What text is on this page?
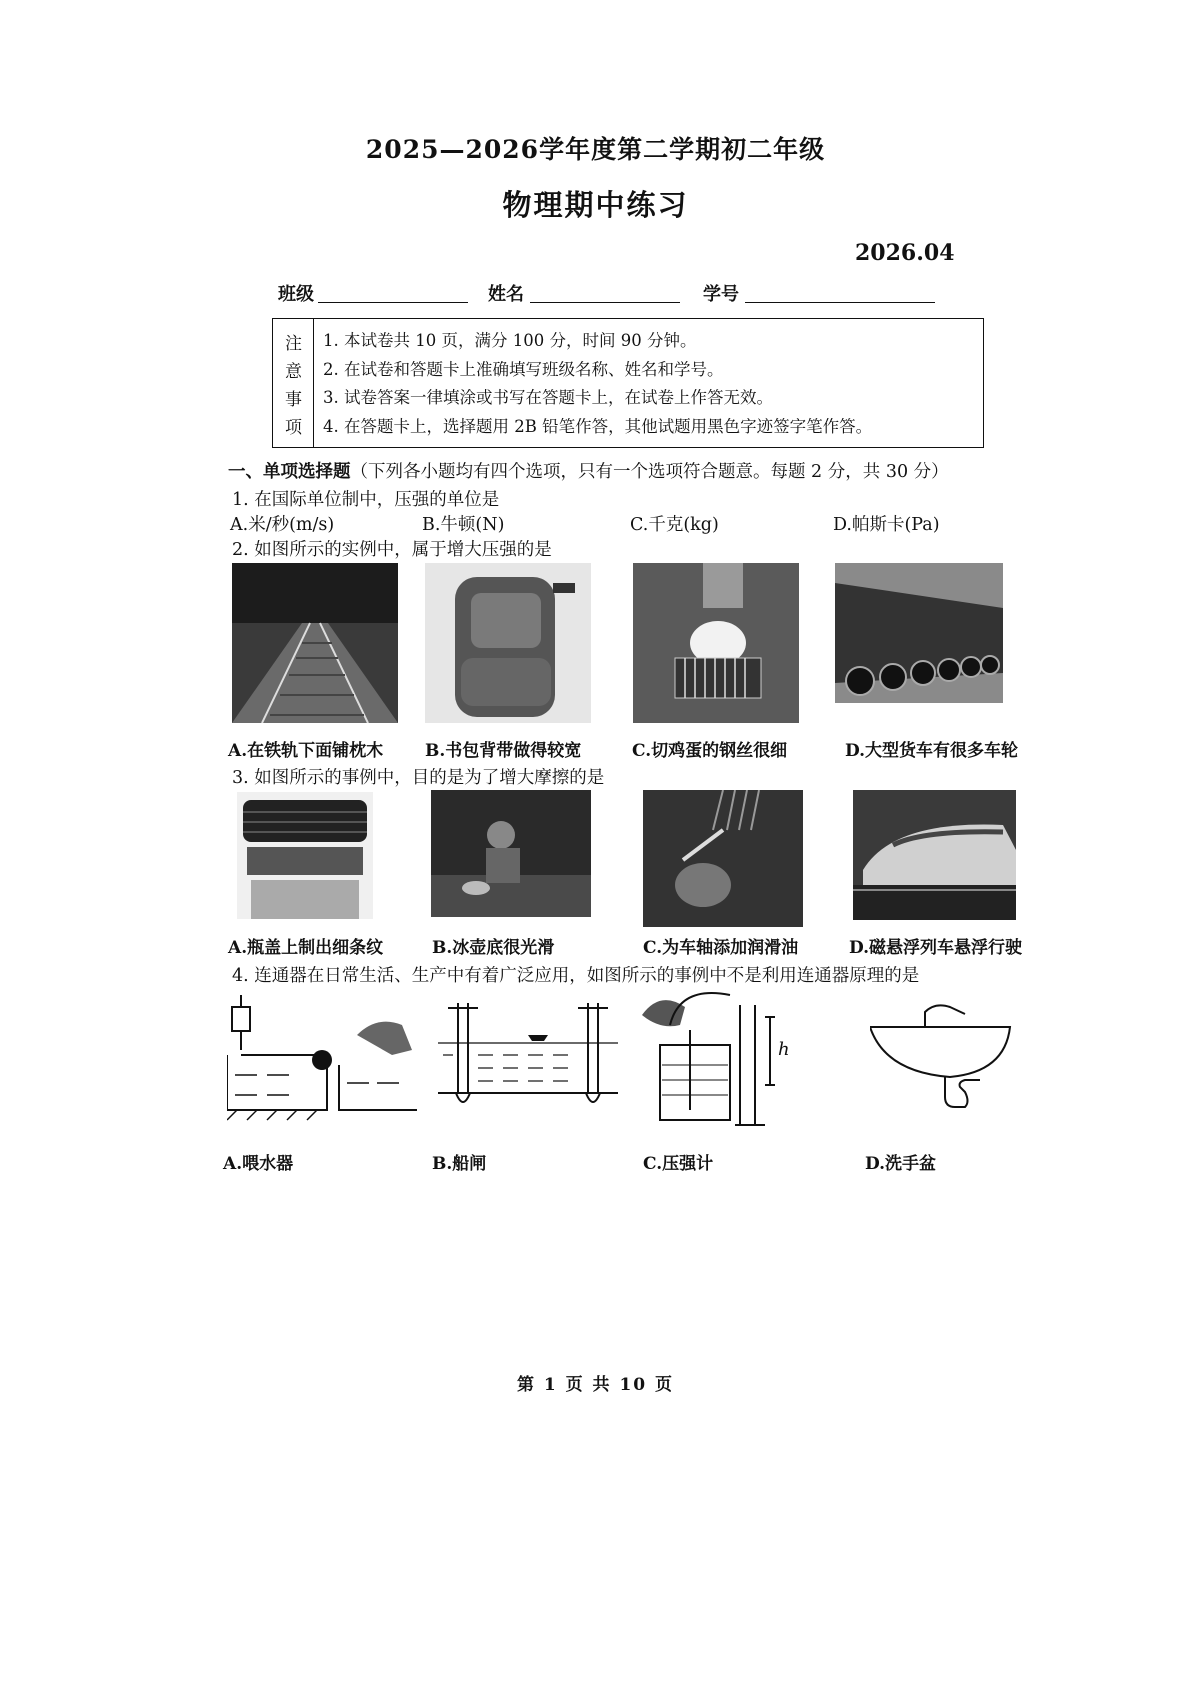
2025—2026学年度第二学期初二年级
物理期中练习
2026.04
班级	姓名	学号
注
意
事
项
1. 本试卷共 10 页，满分 100 分，时间 90 分钟。
2. 在试卷和答题卡上准确填写班级名称、姓名和学号。
3. 试卷答案一律填涂或书写在答题卡上，在试卷上作答无效。
4. 在答题卡上，选择题用 2B 铅笔作答，其他试题用黑色字迹签字笔作答。
一、单项选择题（下列各小题均有四个选项，只有一个选项符合题意。每题 2 分，共 30 分）
1. 在国际单位制中，压强的单位是
A.米/秒(m/s)	B.牛顿(N)	C.千克(kg)	D.帕斯卡(Pa)
2. 如图所示的实例中，属于增大压强的是
A.在铁轨下面铺枕木 B.书包背带做得较宽	C.切鸡蛋的钢丝很细	D.大型货车有很多车轮
3. 如图所示的事例中，目的是为了增大摩擦的是
A.瓶盖上制出细条纹	B.冰壶底很光滑	C.为车轴添加润滑油	D.磁悬浮列车悬浮行驶
4. 连通器在日常生活、生产中有着广泛应用，如图所示的事例中不是利用连通器原理的是
h
A.喂水器	B.船闸	C.压强计	D.洗手盆
第 1 页 共 10 页
